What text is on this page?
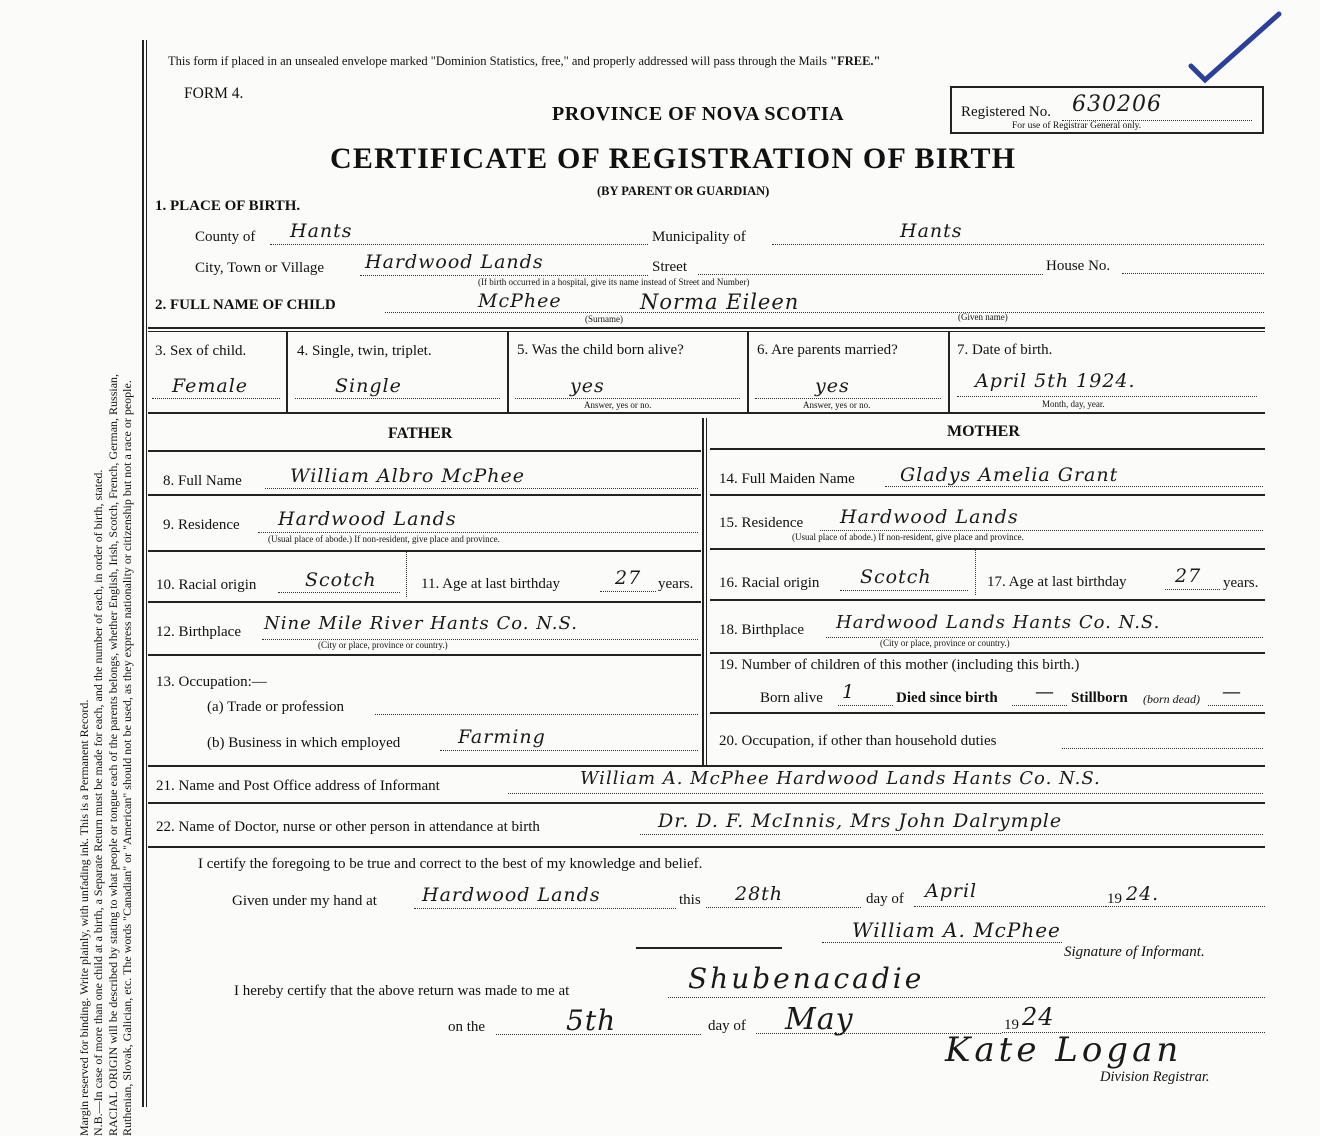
Margin reserved for binding. Write plainly, with unfading ink. This is a Permanent Record. N.B.—In case of more than one child at a birth, a Separate Return must be made for each, and the number of each, in order of birth, stated. RACIAL ORIGIN will be described by stating to what people or tongue each of the parents belongs, whether English, Irish, Scotch, French, German, Russian, Ruthenian, Slovak, Galician, etc. The words "Canadian" or "American" should not be used, as they express nationality or citizenship but not a race or people.
This form if placed in an unsealed envelope marked "Dominion Statistics, free," and properly addressed will pass through the Mails "FREE."
FORM 4.
PROVINCE OF NOVA SCOTIA
CERTIFICATE OF REGISTRATION OF BIRTH
(BY PARENT OR GUARDIAN)
Registered No. 630206
For use of Registrar General only.
1. PLACE OF BIRTH.
County of Hants	Municipality of	Hants
City, Town or Village Hardwood Lands	Street	House No.
(If birth occurred in a hospital, give its name instead of Street and Number)
2. FULL NAME OF CHILD	McPhee	Norma Eileen
(Surname)	(Given name)
3. Sex of child.
Female
4. Single, twin, triplet.
Single
5. Was the child born alive?
yes
Answer, yes or no.
6. Are parents married?
yes
Answer, yes or no.
7. Date of birth.
April 5th 1924.
Month, day, year.
FATHER	MOTHER
8. Full Name	William Albro McPhee
9. Residence Hardwood Lands
(Usual place of abode.) If non-resident, give place and province.
10. Racial origin	Scotch	11. Age at last birthday	27 years.
12. Birthplace Nine Mile River Hants Co. N.S.
(City or place, province or country.)
13. Occupation:—
(a) Trade or profession
(b) Business in which employed	Farming
14. Full Maiden Name Gladys Amelia Grant
15. Residence Hardwood Lands
(Usual place of abode.) If non-resident, give place and province.
16. Racial origin Scotch	17. Age at last birthday	27 years.
18. Birthplace Hardwood Lands Hants Co. N.S.
(City or place, province or country.)
19. Number of children of this mother (including this birth.)
Born alive 1	Died since birth — Stillborn (born dead) —
20. Occupation, if other than household duties
21. Name and Post Office address of Informant	William A. McPhee Hardwood Lands Hants Co. N.S.
22. Name of Doctor, nurse or other person in attendance at birth	Dr. D. F. McInnis, Mrs John Dalrymple
I certify the foregoing to be true and correct to the best of my knowledge and belief.
Given under my hand at Hardwood Lands	this 28th	day of April	19 24.
William A. McPhee
Signature of Informant.
I hereby certify that the above return was made to me at	Shubenacadie
on the	5th	day of May	19 24
Kate Logan
Division Registrar.
